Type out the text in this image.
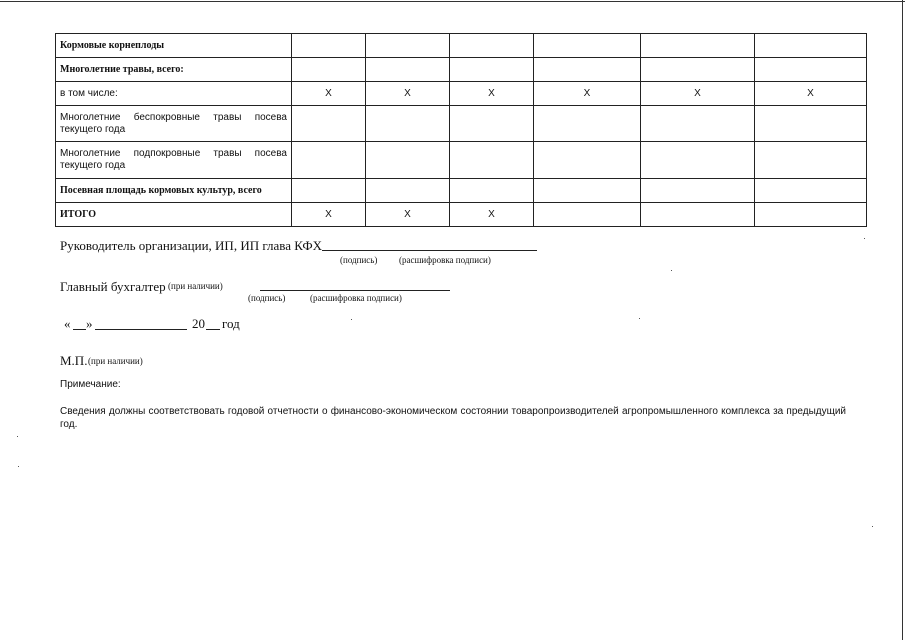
Кормовые корнеплоды						
Многолетние травы, всего:						
в том числе:	X	X	X	X	X	X
Многолетние беспокровные травы посева текущего года						
Многолетние подпокровные травы посева текущего года						
Посевная площадь кормовых культур, всего						
ИТОГО	X	X	X			
Руководитель организации, ИП, ИП глава КФХ
(подпись) (расшифровка подписи)
Главный бухгалтер (при наличии)
(подпись)	(расшифровка подписи)
« »	20 год
М.П. (при наличии)
Примечание:
Сведения должны соответствовать годовой отчетности о финансово-экономическом состоянии товаропроизводителей агропромышленного комплекса за предыдущий год.
